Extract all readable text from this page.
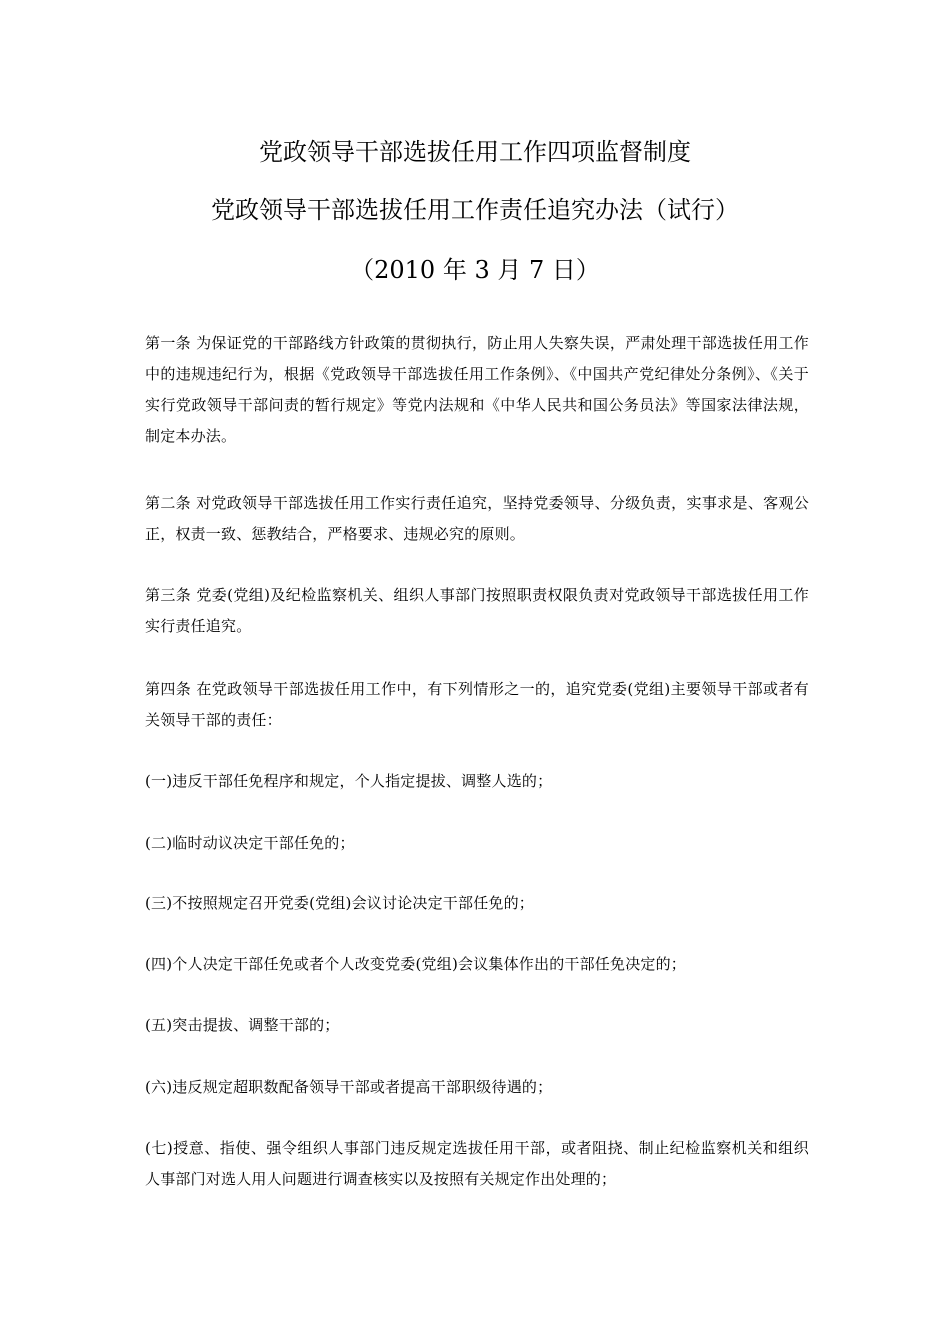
党政领导干部选拔任用工作四项监督制度
党政领导干部选拔任用工作责任追究办法（试行）
（2010 年 3 月 7 日）
第一条 为保证党的干部路线方针政策的贯彻执行，防止用人失察失误，严肃处理干部选拔任用工作中的违规违纪行为，根据《党政领导干部选拔任用工作条例》、《中国共产党纪律处分条例》、《关于实行党政领导干部问责的暂行规定》等党内法规和《中华人民共和国公务员法》等国家法律法规，制定本办法。
第二条 对党政领导干部选拔任用工作实行责任追究，坚持党委领导、分级负责，实事求是、客观公正，权责一致、惩教结合，严格要求、违规必究的原则。
第三条 党委(党组)及纪检监察机关、组织人事部门按照职责权限负责对党政领导干部选拔任用工作实行责任追究。
第四条 在党政领导干部选拔任用工作中，有下列情形之一的，追究党委(党组)主要领导干部或者有关领导干部的责任：
(一)违反干部任免程序和规定，个人指定提拔、调整人选的；
(二)临时动议决定干部任免的；
(三)不按照规定召开党委(党组)会议讨论决定干部任免的；
(四)个人决定干部任免或者个人改变党委(党组)会议集体作出的干部任免决定的；
(五)突击提拔、调整干部的；
(六)违反规定超职数配备领导干部或者提高干部职级待遇的；
(七)授意、指使、强令组织人事部门违反规定选拔任用干部，或者阻挠、制止纪检监察机关和组织人事部门对选人用人问题进行调查核实以及按照有关规定作出处理的；
